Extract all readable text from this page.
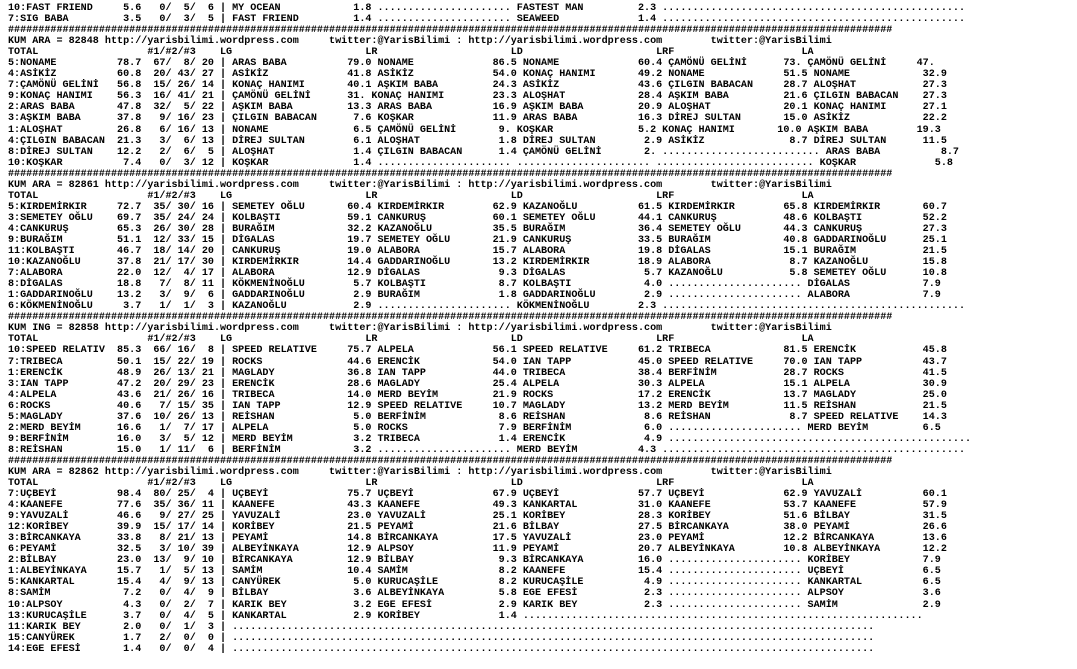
10:FAST FRIEND     5.6   0/  5/  6 | MY OCEAN            1.8 ...................... FASTEST MAN         2.3 ..................................................
7:SIG BABA         3.5   0/  3/  5 | FAST FRIEND         1.4 ...................... SEAWEED             1.4 ..................................................
##################################################################################################################################################
KUM ARA = 82848 http://yarisbilimi.wordpress.com     twitter:@YarisBilimi : http://yarisbilimi.wordpress.com        twitter:@YarisBilimi
TOTAL                  #1/#2/#3    LG                      LR                      LD                      LRF                     LA
5:NONAME          78.7  67/  8/ 20 | ARAS BABA          79.0 NONAME             86.5 NONAME             60.4 ÇAMÖNÜ GELİNİ      73. ÇAMÖNÜ GELİNİ     47.
4:ASİKİZ          60.8  20/ 43/ 27 | ASİKİZ             41.8 ASİKİZ             54.0 KONAÇ HANIMI       49.2 NONAME             51.5 NONAME            32.9
7:ÇAMÖNÜ GELİNİ   56.8  15/ 26/ 14 | KONAÇ HANIMI       40.1 AŞKIM BABA         24.3 ASİKİZ             43.6 ÇILGIN BABACAN     28.7 ALOŞHAT           27.3
9:KONAÇ HANIMI    56.3  16/ 41/ 21 | ÇAMÖNÜ GELİNİ      31. KONAÇ HANIMI        23.3 ALOŞHAT            28.4 AŞKIM BABA         21.6 ÇILGIN BABACAN    27.3
2:ARAS BABA       47.8  32/  5/ 22 | AŞKIM BABA         13.3 ARAS BABA          16.9 AŞKIM BABA         20.9 ALOŞHAT            20.1 KONAÇ HANIMI      27.1
3:AŞKIM BABA      37.8   9/ 16/ 23 | ÇILGIN BABACAN      7.6 KOŞKAR             11.9 ARAS BABA          16.3 DİREJ SULTAN       15.0 ASİKİZ            22.2
1:ALOŞHAT         26.8   6/ 16/ 13 | NONAME              6.5 ÇAMÖNÜ GELİNİ       9. KOŞKAR              5.2 KONAÇ HANIMI       10.0 AŞKIM BABA        19.3
4:ÇILGIN BABACAN  21.3   3/  6/ 13 | DİREJ SULTAN        6.1 ALOŞHAT             1.8 DİREJ SULTAN        2.9 ASİKİZ              8.7 DİREJ SULTAN      11.5
8:DİREJ SULTAN    12.2   2/  6/  5 | ALOŞHAT             1.4 ÇILGIN BABACAN      1.4 ÇAMÖNÜ GELİNİ       2. .......................... ARAS BABA          8.7
10:KOŞKAR          7.4   0/  3/ 12 | KOŞKAR              1.4 ...................... ...................... .......................... KOŞKAR             5.8
##################################################################################################################################################
KUM ARA = 82861 http://yarisbilimi.wordpress.com     twitter:@YarisBilimi : http://yarisbilimi.wordpress.com        twitter:@YarisBilimi
TOTAL                  #1/#2/#3    LG                      LR                      LD                      LRF                     LA
5:KIRDEMİRKIR     72.7  35/ 30/ 16 | SEMETEY OĞLU       60.4 KIRDEMİRKIR        62.9 KAZANOĞLU          61.5 KIRDEMİRKIR        65.8 KIRDEMİRKIR       60.7
3:SEMETEY OĞLU    69.7  35/ 24/ 24 | KOLBAŞTI           59.1 CANKURUŞ           60.1 SEMETEY OĞLU       44.1 CANKURUŞ           48.6 KOLBAŞTI          52.2
4:CANKURUŞ        65.3  26/ 30/ 28 | BURAĞIM            32.2 KAZANOĞLU          35.5 BURAĞIM            36.4 SEMETEY OĞLU       44.3 CANKURUŞ          27.3
9:BURAĞIM         51.1  12/ 33/ 15 | DİGALAS            19.7 SEMETEY OĞLU       21.9 CANKURUŞ           33.5 BURAĞIM            40.8 GADDARINOĞLU      25.1
11:KOLBAŞTI       46.7  18/ 14/ 20 | CANKURUŞ           19.0 ALABORA            15.7 ALABORA            19.8 DİGALAS            15.1 BURAĞIM           21.5
10:KAZANOĞLU      37.8  21/ 17/ 30 | KIRDEMİRKIR        14.4 GADDARINOĞLU       13.2 KIRDEMİRKIR        18.9 ALABORA             8.7 KAZANOĞLU         15.8
7:ALABORA         22.0  12/  4/ 17 | ALABORA            12.9 DİGALAS             9.3 DİGALAS             5.7 KAZANOĞLU           5.8 SEMETEY OĞLU      10.8
8:DİGALAS         18.8   7/  8/ 11 | KÖKMENİNOĞLU        5.7 KOLBAŞTI            8.7 KOLBAŞTI            4.0 ...................... DİGALAS            7.9
1:GADDARINOĞLU    13.2   3/  9/  6 | GADDARINOĞLU        2.9 BURAĞIM             1.8 GADDARINOĞLU        2.9 ...................... ALABORA            7.9
6:KÖKMENİNOĞLU     3.7   1/  1/  3 | KAZANOĞLU           2.9 ...................... KÖKMENİNOĞLU        2.3 ..................................................
##################################################################################################################################################
KUM ING = 82858 http://yarisbilimi.wordpress.com     twitter:@YarisBilimi : http://yarisbilimi.wordpress.com        twitter:@YarisBilimi
TOTAL                  #1/#2/#3    LG                      LR                      LD                      LRF                     LA
10:SPEED RELATIV  85.3  66/ 16/  8 | SPEED RELATIVE     75.7 ALPELA             56.1 SPEED RELATIVE     61.2 TRIBECA            81.5 ERENCİK           45.8
7:TRIBECA         50.1  15/ 22/ 19 | ROCKS              44.6 ERENCİK            54.0 IAN TAPP           45.0 SPEED RELATIVE     70.0 IAN TAPP          43.7
1:ERENCİK         48.9  26/ 13/ 21 | MAGLADY            36.8 IAN TAPP           44.0 TRIBECA            38.4 BERFİNİM           28.7 ROCKS             41.5
3:IAN TAPP        47.2  20/ 29/ 23 | ERENCİK            28.6 MAGLADY            25.4 ALPELA             30.3 ALPELA             15.1 ALPELA            30.9
4:ALPELA          43.6  21/ 26/ 16 | TRIBECA            14.0 MERD BEYİM         21.9 ROCKS              17.2 ERENCİK            13.7 MAGLADY           25.0
6:ROCKS           40.6   7/ 15/ 35 | IAN TAPP           12.9 SPEED RELATIVE     10.7 MAGLADY            13.2 MERD BEYİM         11.5 REİSHAN           21.5
5:MAGLADY         37.6  10/ 26/ 13 | REİSHAN             5.0 BERFİNİM            8.6 REİSHAN             8.6 REİSHAN             8.7 SPEED RELATIVE    14.3
2:MERD BEYİM      16.6   1/  7/ 17 | ALPELA              5.0 ROCKS               7.9 BERFİNİM            6.0 ...................... MERD BEYİM         6.5
9:BERFİNİM        16.0   3/  5/ 12 | MERD BEYİM          3.2 TRIBECA             1.4 ERENCİK             4.9 ..................................................
8:REİSHAN         15.0   1/ 11/  6 | BERFİNİM            3.2 ...................... MERD BEYİM          4.3 ..................................................
##################################################################################################################################################
KUM ARA = 82862 http://yarisbilimi.wordpress.com     twitter:@YarisBilimi : http://yarisbilimi.wordpress.com        twitter:@YarisBilimi
TOTAL                  #1/#2/#3    LG                      LR                      LD                      LRF                     LA
7:UÇBEYİ          98.4  80/ 25/  4 | UÇBEYİ             75.7 UÇBEYİ             67.9 UÇBEYİ             57.7 UÇBEYİ             62.9 YAVUZALİ          60.1
4:KAANEFE         77.6  35/ 36/ 11 | KAANEFE            43.3 KAANEFE            49.3 KANKARTAL          31.0 KAANEFE            53.7 KAANEFE           57.9
9:YAVUZALİ        46.6   9/ 27/ 25 | YAVUZALİ           23.0 YAVUZALİ           25.1 KORİBEY            28.3 KORİBEY            51.6 BİLBAY            31.5
12:KORİBEY        39.9  15/ 17/ 14 | KORİBEY            21.5 PEYAMİ             21.6 BİLBAY             27.5 BİRCANKAYA         38.0 PEYAMİ            26.6
3:BİRCANKAYA      33.8   8/ 21/ 13 | PEYAMİ             14.8 BİRCANKAYA         17.5 YAVUZALİ           23.0 PEYAMİ             12.2 BİRCANKAYA        13.6
6:PEYAMİ          32.5   3/ 10/ 39 | ALBEYİNKAYA        12.9 ALPSOY             11.9 PEYAMİ             20.7 ALBEYİNKAYA        10.8 ALBEYİNKAYA       12.2
2:BİLBAY          23.0  13/  9/ 10 | BİRCANKAYA         12.9 BİLBAY              9.3 BİRCANKAYA         16.0 ...................... KORİBEY            7.9
1:ALBEYİNKAYA     15.7   1/  5/ 13 | SAMİM              10.4 SAMİM               8.2 KAANEFE            15.4 ...................... UÇBEYİ             6.5
5:KANKARTAL       15.4   4/  9/ 13 | CANYÜREK            5.0 KURUCAŞİLE          8.2 KURUCAŞİLE          4.9 ...................... KANKARTAL          6.5
8:SAMİM            7.2   0/  4/  9 | BİLBAY              3.6 ALBEYİNKAYA         5.8 EGE EFESİ           2.3 ...................... ALPSOY             3.6
10:ALPSOY          4.3   0/  2/  7 | KARIK BEY           3.2 EGE EFESİ           2.9 KARIK BEY           2.3 ...................... SAMİM              2.9
13:KURUCAŞİLE      3.7   0/  4/  5 | KANKARTAL           2.9 KORİBEY             1.4 ..................................................................
11:KARIK BEY       2.0   0/  1/  3 | ..........................................................................................................
15:CANYÜREK        1.7   2/  0/  0 | ..........................................................................................................
14:EGE EFESİ       1.4   0/  0/  4 | ..........................................................................................................
